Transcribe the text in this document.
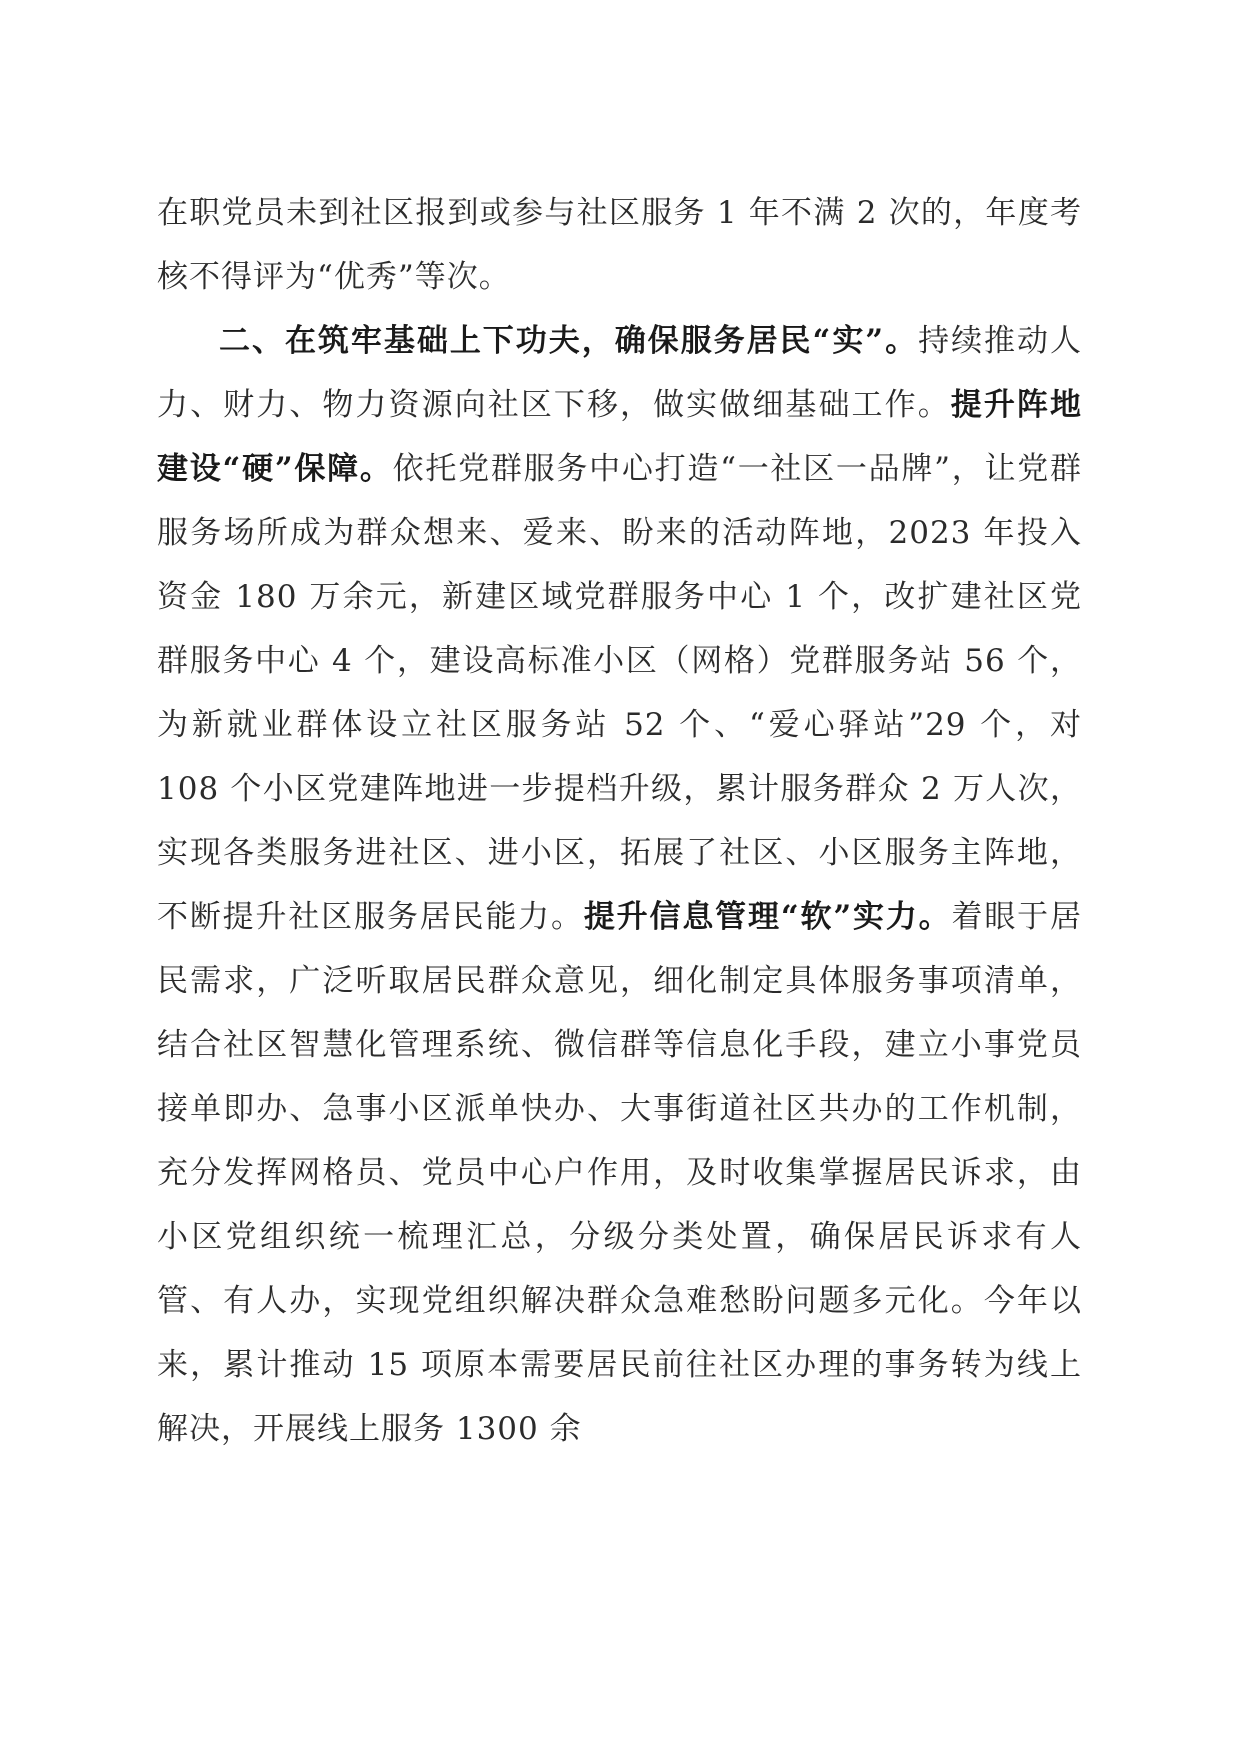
在职党员未到社区报到或参与社区服务 1 年不满 2 次的，年度考核不得评为“优秀”等次。

二、在筑牢基础上下功夫，确保服务居民“实”。持续推动人力、财力、物力资源向社区下移，做实做细基础工作。提升阵地建设“硬”保障。依托党群服务中心打造“一社区一品牌”，让党群服务场所成为群众想来、爱来、盼来的活动阵地，2023 年投入资金 180 万余元，新建区域党群服务中心 1 个，改扩建社区党群服务中心 4 个，建设高标准小区（网格）党群服务站 56 个，为新就业群体设立社区服务站 52 个、“爱心驿站”29 个，对 108 个小区党建阵地进一步提档升级，累计服务群众 2 万人次，实现各类服务进社区、进小区，拓展了社区、小区服务主阵地，不断提升社区服务居民能力。提升信息管理“软”实力。着眼于居民需求，广泛听取居民群众意见，细化制定具体服务事项清单，结合社区智慧化管理系统、微信群等信息化手段，建立小事党员接单即办、急事小区派单快办、大事街道社区共办的工作机制，充分发挥网格员、党员中心户作用，及时收集掌握居民诉求，由小区党组织统一梳理汇总，分级分类处置，确保居民诉求有人管、有人办，实现党组织解决群众急难愁盼问题多元化。今年以来，累计推动 15 项原本需要居民前往社区办理的事务转为线上解决，开展线上服务 1300 余
